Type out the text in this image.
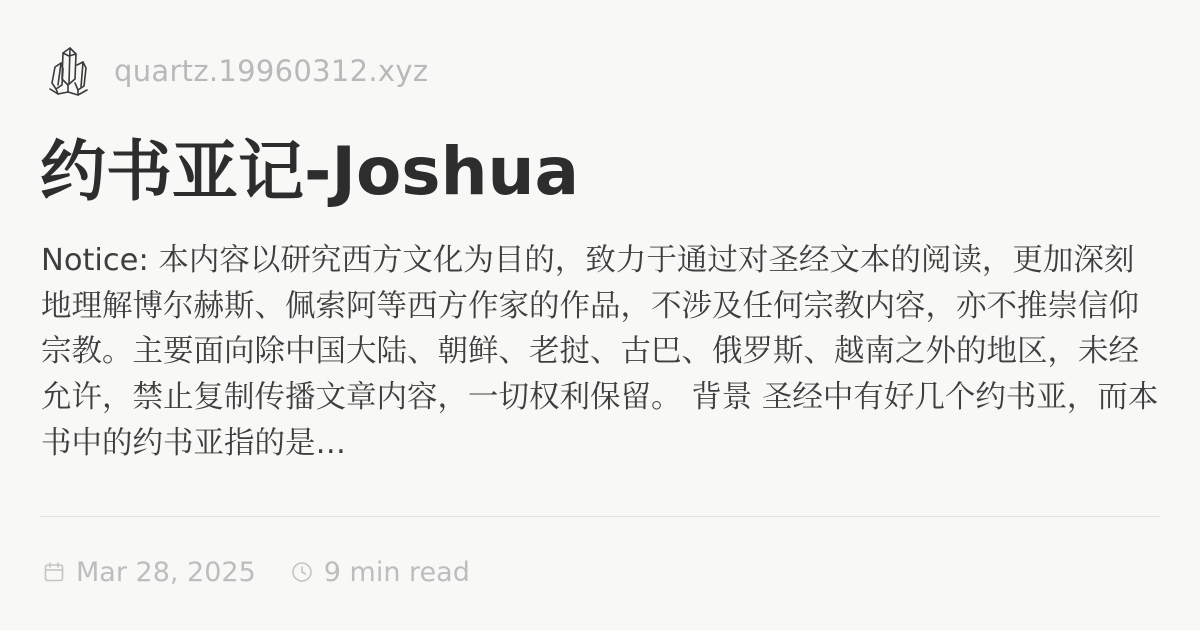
quartz.19960312.xyz
约书亚记-Joshua

Notice: 本内容以研究西方文化为目的，致力于通过对圣经文本的阅读，更加深刻地理解博尔赫斯、佩索阿等西方作家的作品，不涉及任何宗教内容，亦不推崇信仰宗教。主要面向除中国大陆、朝鲜、老挝、古巴、俄罗斯、越南之外的地区，未经允许，禁止复制传播文章内容，一切权利保留。 背景 圣经中有好几个约书亚，而本书中的约书亚指的是…

Mar 28, 2025	9 min read
